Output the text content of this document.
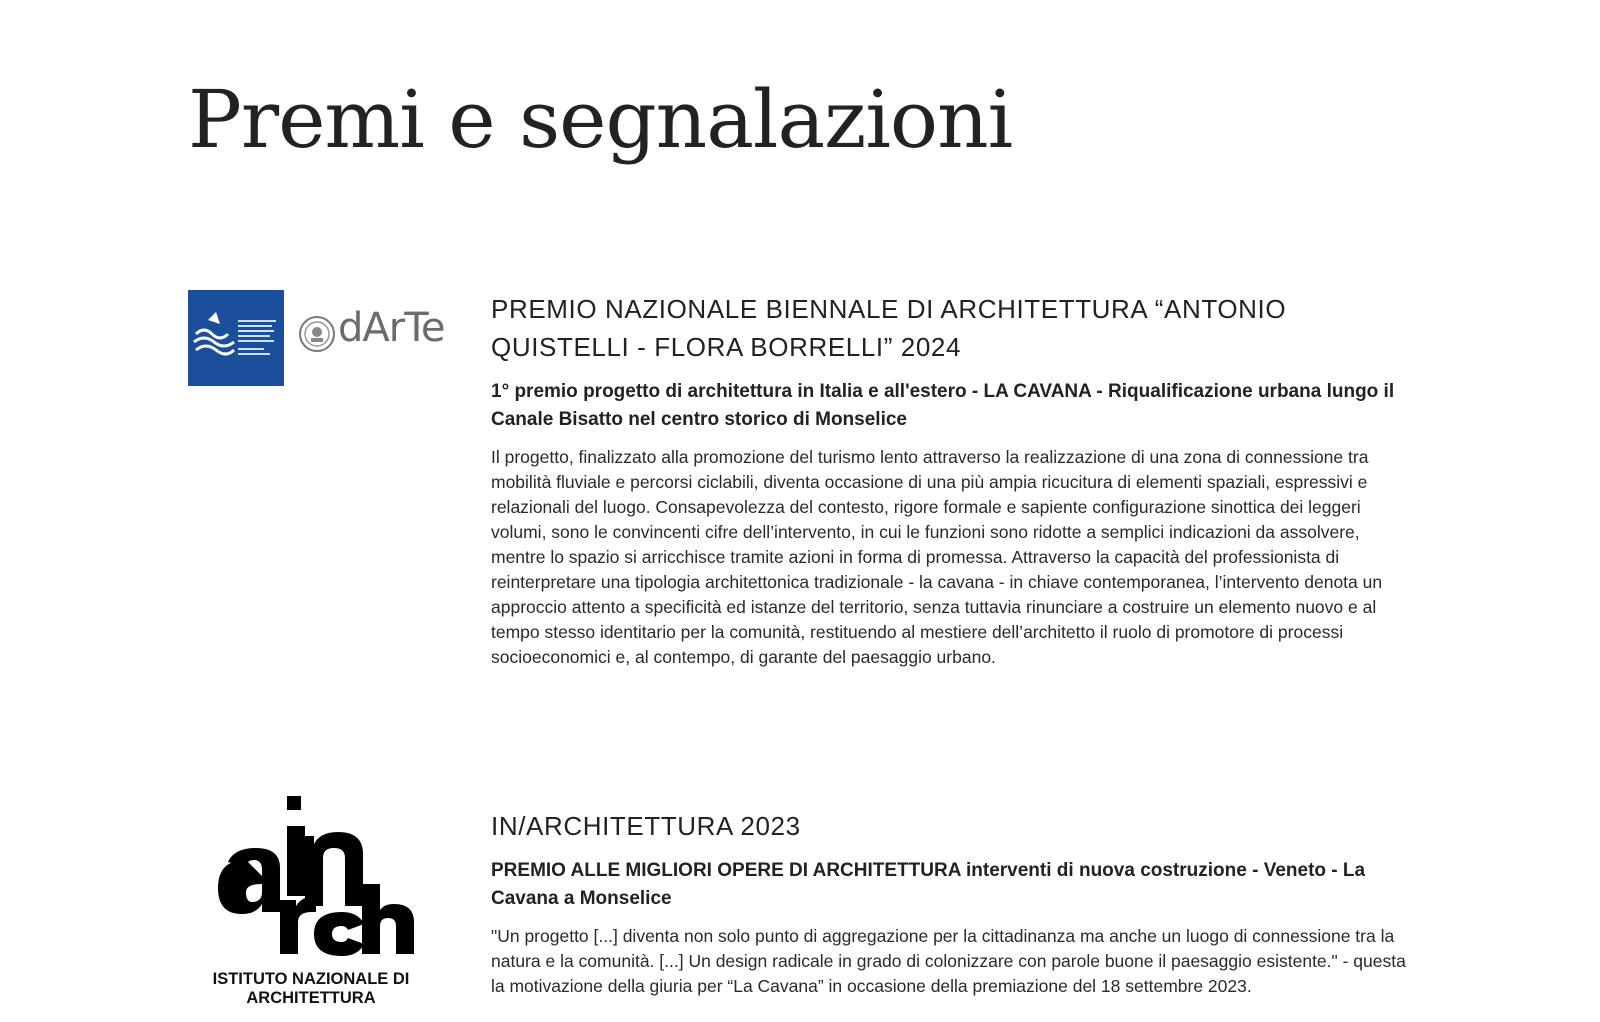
Premi e segnalazioni
dArTe PREMIO NAZIONALE BIENNALE DI ARCHITETTURA “ANTONIO QUISTELLI - FLORA BORRELLI” 2024
1° premio progetto di architettura in Italia e all'estero - LA CAVANA - Riqualificazione urbana lungo il Canale Bisatto nel centro storico di Monselice

Il progetto, finalizzato alla promozione del turismo lento attraverso la realizzazione di una zona di connessione tra mobilità fluviale e percorsi ciclabili, diventa occasione di una più ampia ricucitura di elementi spaziali, espressivi e relazionali del luogo. Consapevolezza del contesto, rigore formale e sapiente configurazione sinottica dei leggeri volumi, sono le convincenti cifre dell’intervento, in cui le funzioni sono ridotte a semplici indicazioni da assolvere, mentre lo spazio si arricchisce tramite azioni in forma di promessa. Attraverso la capacità del professionista di reinterpretare una tipologia architettonica tradizionale - la cavana - in chiave contemporanea, l’intervento denota un approccio attento a specificità ed istanze del territorio, senza tuttavia rinunciare a costruire un elemento nuovo e al tempo stesso identitario per la comunità, restituendo al mestiere dell’architetto il ruolo di promotore di processi socioeconomici e, al contempo, di garante del paesaggio urbano.

ISTITUTO NAZIONALE DI ARCHITETTURA
IN/ARCHITETTURA 2023
PREMIO ALLE MIGLIORI OPERE DI ARCHITETTURA interventi di nuova costruzione - Veneto - La Cavana a Monselice

"Un progetto [...] diventa non solo punto di aggregazione per la cittadinanza ma anche un luogo di connessione tra la natura e la comunità. [...] Un design radicale in grado di colonizzare con parole buone il paesaggio esistente." - questa la motivazione della giuria per “La Cavana” in occasione della premiazione del 18 settembre 2023.
